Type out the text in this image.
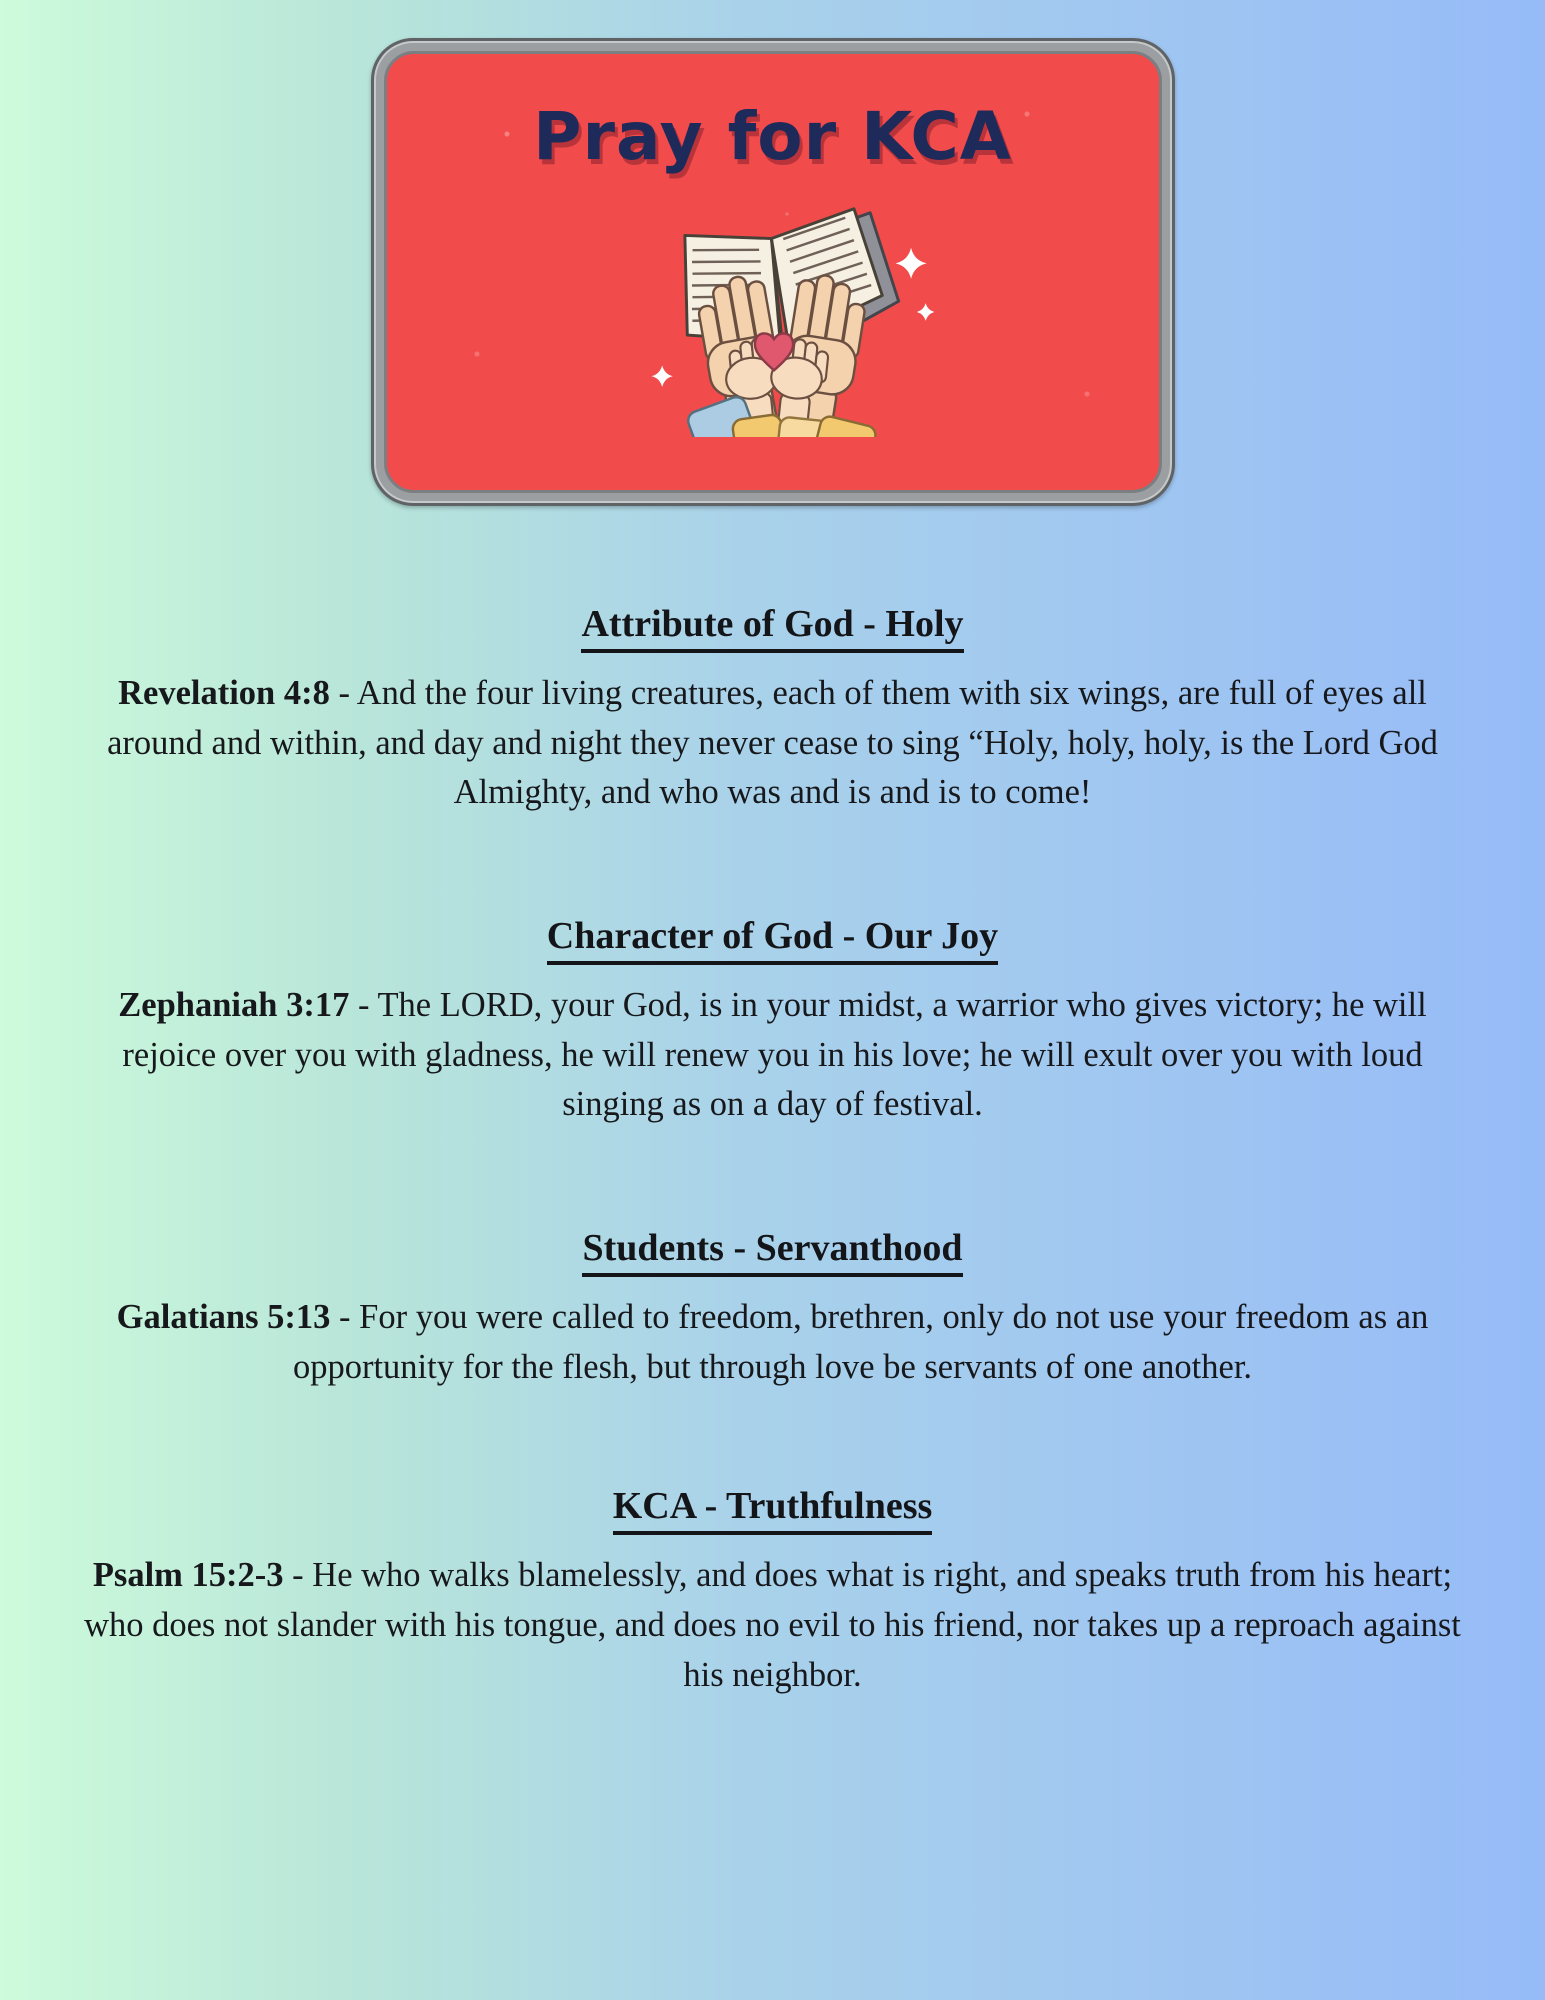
Pray for KCA
Attribute of God - Holy

Revelation 4:8 - And the four living creatures, each of them with six wings, are full of eyes all around and within, and day and night they never cease to sing “Holy, holy, holy, is the Lord God Almighty, and who was and is and is to come!

Character of God - Our Joy

Zephaniah 3:17 - The LORD, your God, is in your midst, a warrior who gives victory; he will rejoice over you with gladness, he will renew you in his love; he will exult over you with loud singing as on a day of festival.

Students - Servanthood

Galatians 5:13 - For you were called to freedom, brethren, only do not use your freedom as an opportunity for the flesh, but through love be servants of one another.

KCA - Truthfulness

Psalm 15:2-3 - He who walks blamelessly, and does what is right, and speaks truth from his heart; who does not slander with his tongue, and does no evil to his friend, nor takes up a reproach against his neighbor.
